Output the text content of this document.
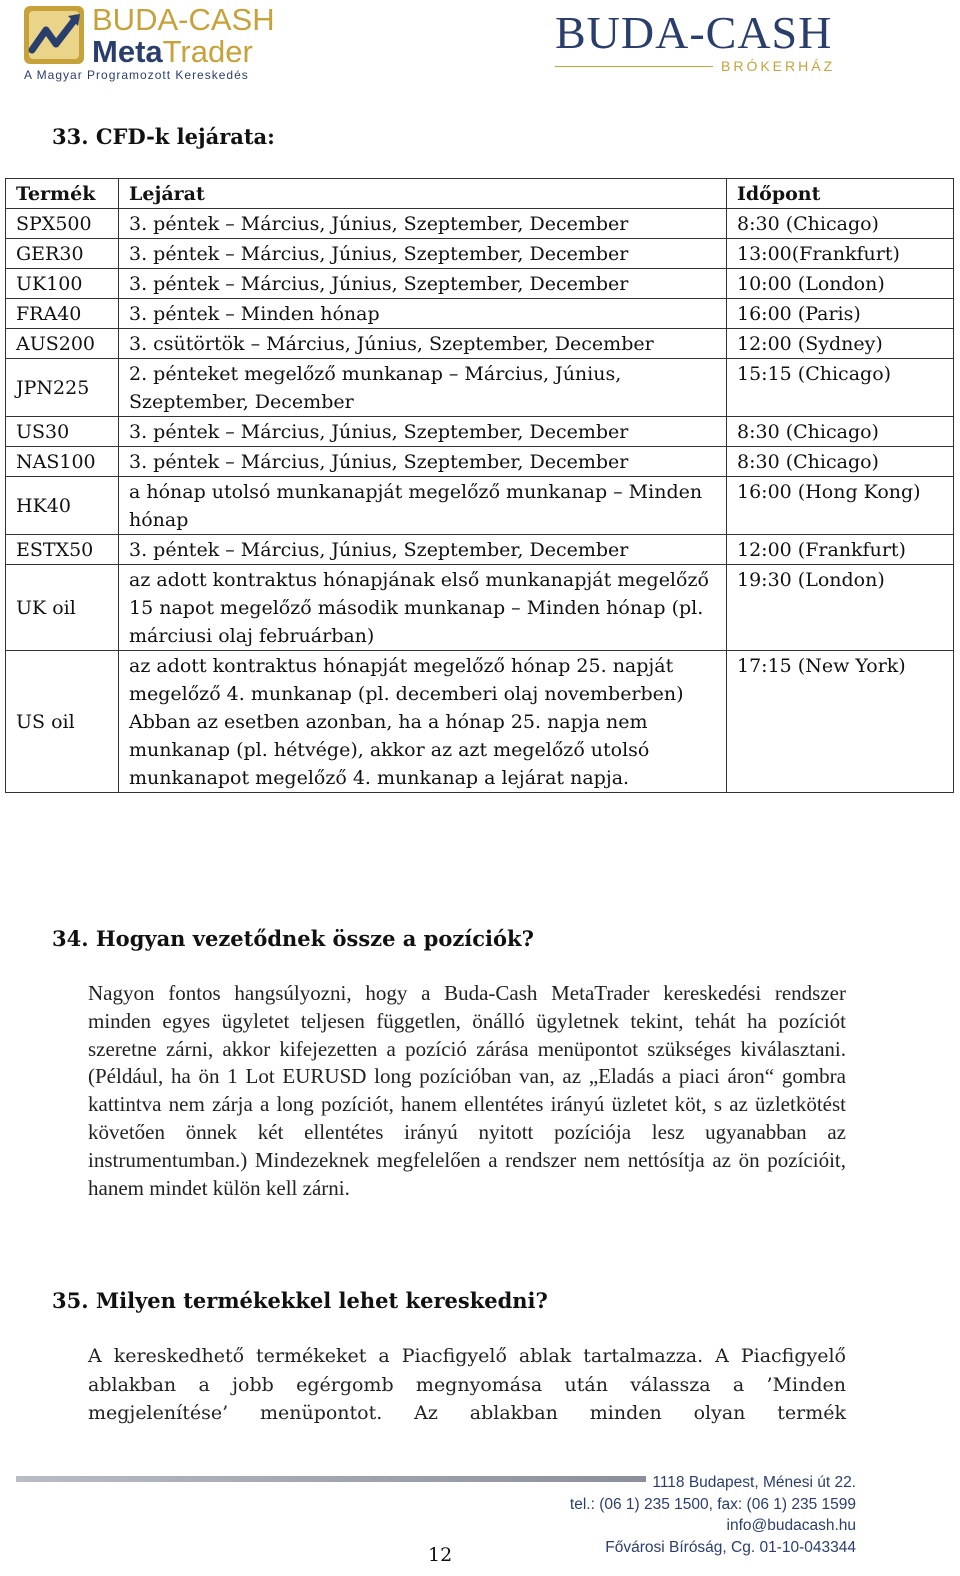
BUDA-CASH
MetaTrader
A Magyar Programozott Kereskedés
BUDA-CASH
BRÓKERHÁZ
33. CFD-k lejárata:
Termék	Lejárat	Időpont
SPX500	3. péntek – Március, Június, Szeptember, December	8:30 (Chicago)
GER30	3. péntek – Március, Június, Szeptember, December	13:00(Frankfurt)
UK100	3. péntek – Március, Június, Szeptember, December	10:00 (London)
FRA40	3. péntek – Minden hónap	16:00 (Paris)
AUS200	3. csütörtök – Március, Június, Szeptember, December	12:00 (Sydney)
JPN225	2. pénteket megelőző munkanap – Március, Június, Szeptember, December	15:15 (Chicago)
US30	3. péntek – Március, Június, Szeptember, December	8:30 (Chicago)
NAS100	3. péntek – Március, Június, Szeptember, December	8:30 (Chicago)
HK40	a hónap utolsó munkanapját megelőző munkanap – Minden hónap	16:00 (Hong Kong)
ESTX50	3. péntek – Március, Június, Szeptember, December	12:00 (Frankfurt)
UK oil	az adott kontraktus hónapjának első munkanapját megelőző 15 napot megelőző második munkanap – Minden hónap (pl. márciusi olaj februárban)	19:30 (London)
US oil	az adott kontraktus hónapját megelőző hónap 25. napját megelőző 4. munkanap (pl. decemberi olaj novemberben) Abban az esetben azonban, ha a hónap 25. napja nem munkanap (pl. hétvége), akkor az azt megelőző utolsó munkanapot megelőző 4. munkanap a lejárat napja.	17:15 (New York)
34. Hogyan vezetődnek össze a pozíciók?

Nagyon fontos hangsúlyozni, hogy a Buda-Cash MetaTrader kereskedési rendszer minden egyes ügyletet teljesen független, önálló ügyletnek tekint, tehát ha pozíciót szeretne zárni, akkor kifejezetten a pozíció zárása menüpontot szükséges kiválasztani. (Például, ha ön 1 Lot EURUSD long pozícióban van, az „Eladás a piaci áron“ gombra kattintva nem zárja a long pozíciót, hanem ellentétes irányú üzletet köt, s az üzletkötést követően önnek két ellentétes irányú nyitott pozíciója lesz ugyanabban az instrumentumban.) Mindezeknek megfelelően a rendszer nem nettósítja az ön pozícióit, hanem mindet külön kell zárni.

35. Milyen termékekkel lehet kereskedni?

A kereskedhető termékeket a Piacfigyelő ablak tartalmazza. A Piacfigyelő ablakban a jobb egérgomb megnyomása után válassza a ’Minden megjelenítése’ menüpontot. Az ablakban minden olyan termék

12
1118 Budapest, Ménesi út 22.
tel.: (06 1) 235 1500, fax: (06 1) 235 1599
info@budacash.hu
Fővárosi Bíróság, Cg. 01-10-043344
